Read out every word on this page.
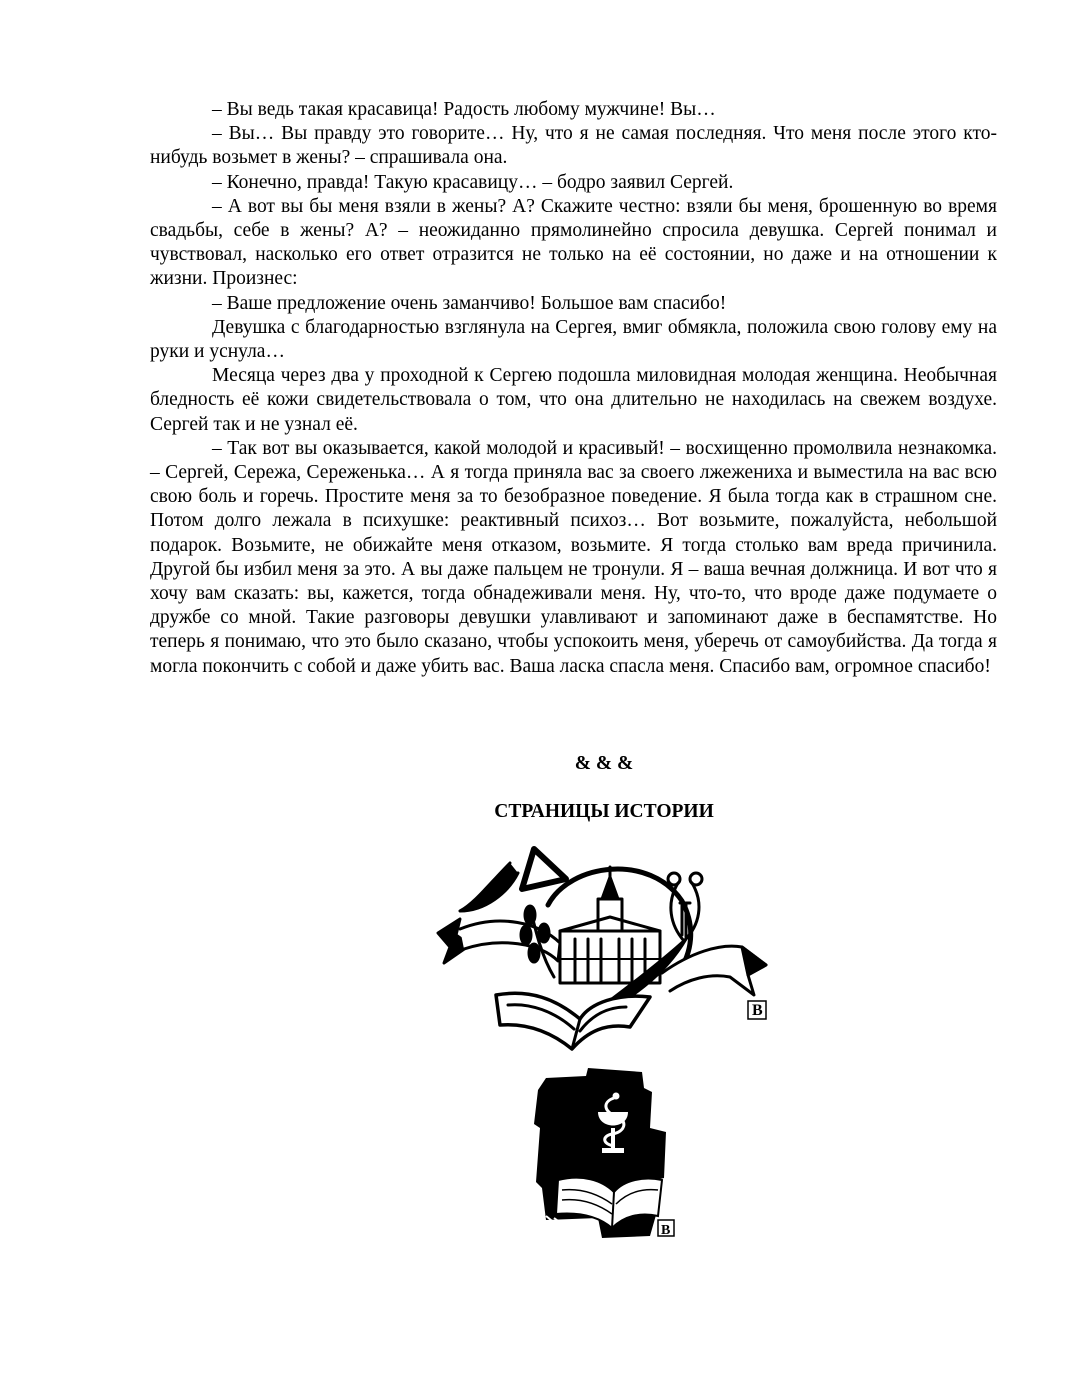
– Вы ведь такая красавица! Радость любому мужчине! Вы…

– Вы… Вы правду это говорите… Ну, что я не самая последняя. Что меня после этого кто-нибудь возьмет в жены? – спрашивала она.

– Конечно, правда! Такую красавицу… – бодро заявил Сергей.

– А вот вы бы меня взяли в жены? А? Скажите честно: взяли бы меня, брошенную во время свадьбы, себе в жены? А? – неожиданно прямолинейно спросила девушка. Сергей понимал и чувствовал, насколько его ответ отразится не только на её состоянии, но даже и на отношении к жизни. Произнес:

– Ваше предложение очень заманчиво! Большое вам спасибо!

Девушка с благодарностью взглянула на Сергея, вмиг обмякла, положила свою голову ему на руки и уснула…

Месяца через два у проходной к Сергею подошла миловидная молодая женщина. Необычная бледность её кожи свидетельствовала о том, что она длительно не находилась на свежем воздухе. Сергей так и не узнал её.

– Так вот вы оказывается, какой молодой и красивый! – восхищенно промолвила незнакомка. – Сергей, Сережа, Сереженька… А я тогда приняла вас за своего лжежениха и выместила на вас всю свою боль и горечь. Простите меня за то безобразное поведение. Я была тогда как в страшном сне. Потом долго лежала в психушке: реактивный психоз… Вот возьмите, пожалуйста, небольшой подарок. Возьмите, не обижайте меня отказом, возьмите. Я тогда столько вам вреда причинила. Другой бы избил меня за это. А вы даже пальцем не тронули. Я – ваша вечная должница. И вот что я хочу вам сказать: вы, кажется, тогда обнадеживали меня. Ну, что-то, что вроде даже подумаете о дружбе со мной. Такие разговоры девушки улавливают и запоминают даже в беспамятстве. Но теперь я понимаю, что это было сказано, чтобы успокоить меня, уберечь от самоубийства. Да тогда я могла покончить с собой и даже убить вас. Ваша ласка спасла меня. Спасибо вам, огромное спасибо!

& & &
СТРАНИЦЫ ИСТОРИИ
В
В
